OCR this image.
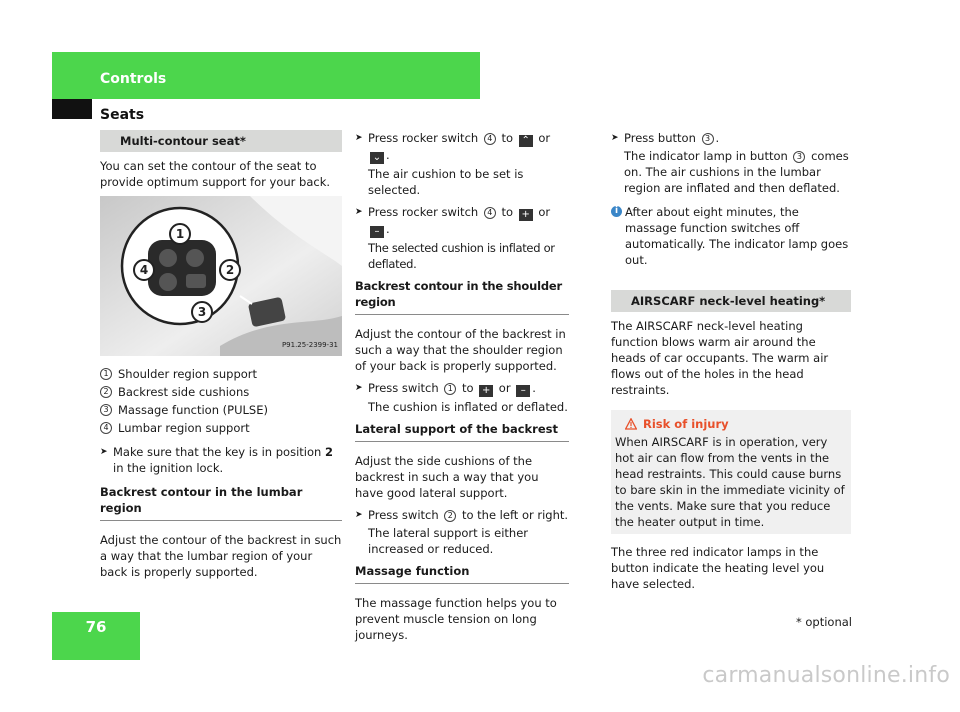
Controls
Seats
Multi-contour seat*

You can set the contour of the seat to provide optimum support for your back.

1
2
3
4
P91.25-2399-31
1 Shoulder region support
2 Backrest side cushions
3 Massage function (PULSE)
4 Lumbar region support
➤ Make sure that the key is in position 2 in the ignition lock.
Backrest contour in the lumbar region

Adjust the contour of the backrest in such a way that the lumbar region of your back is properly supported.

➤ Press rocker switch 4 to ⌃ or ⌄ .
The air cushion to be set is selected.
➤ Press rocker switch 4 to + or – .
The selected cushion is inflated or deflated.
Backrest contour in the shoulder region

Adjust the contour of the backrest in such a way that the shoulder region of your back is properly supported.

➤ Press switch 1 to + or – .
The cushion is inflated or deflated.
Lateral support of the backrest

Adjust the side cushions of the backrest in such a way that you have good lateral support.

➤ Press switch 2 to the left or right.
The lateral support is either increased or reduced.
Massage function

The massage function helps you to prevent muscle tension on long journeys.

➤ Press button 3 .
The indicator lamp in button 3 comes on. The air cushions in the lumbar region are inflated and then deflated.
i After about eight minutes, the massage function switches off automatically. The indicator lamp goes out.
AIRSCARF neck-level heating*

The AIRSCARF neck-level heating function blows warm air around the heads of car occupants. The warm air flows out of the holes in the head restraints.

Risk of injury
When AIRSCARF is in operation, very hot air can flow from the vents in the head restraints. This could cause burns to bare skin in the immediate vicinity of the vents. Make sure that you reduce the heater output in time.

The three red indicator lamps in the button indicate the heating level you have selected.

76	* optional
carmanualsonline.info
